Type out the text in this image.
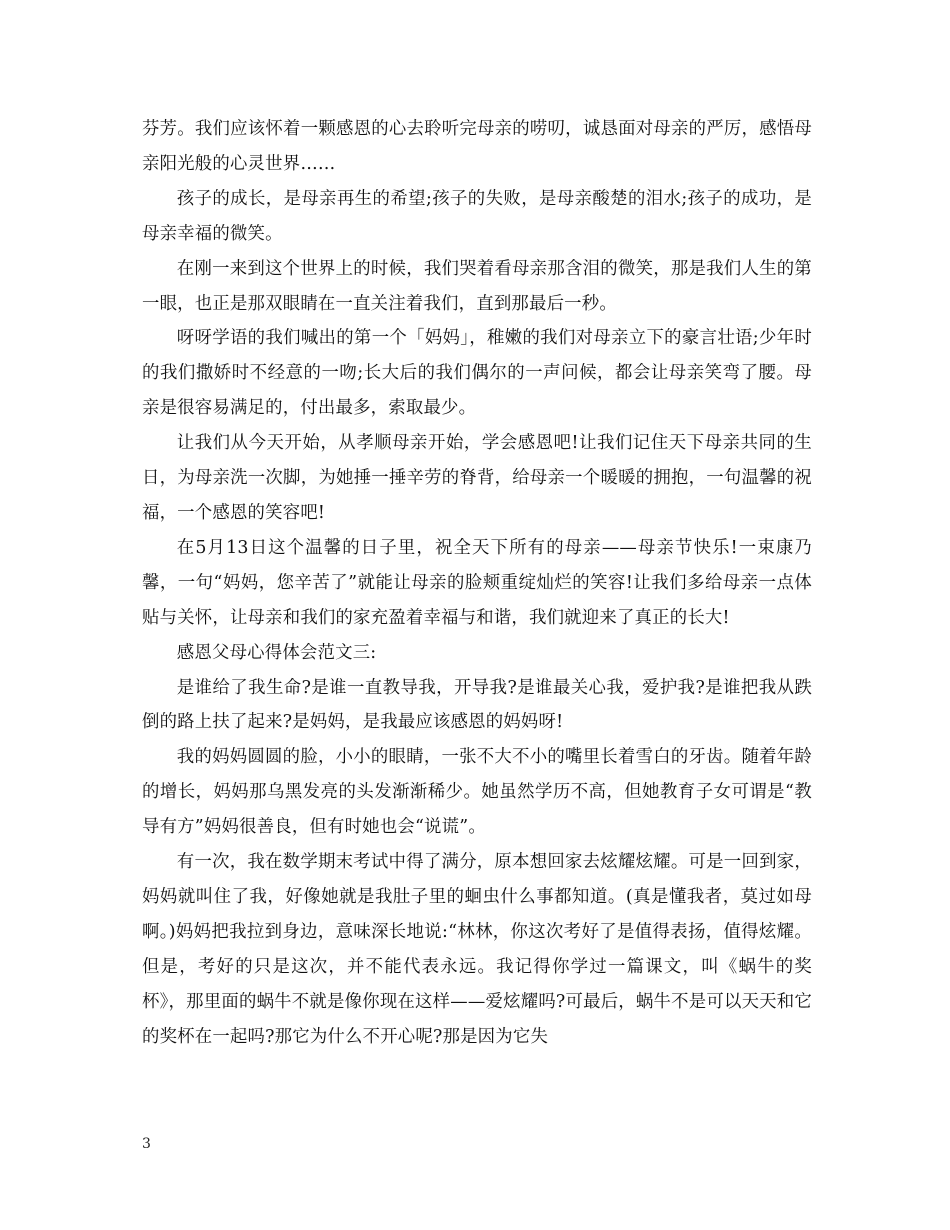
芬芳。我们应该怀着一颗感恩的心去聆听完母亲的唠叨，诚恳面对母亲的严厉，感悟母亲阳光般的心灵世界……

孩子的成长，是母亲再生的希望;孩子的失败，是母亲酸楚的泪水;孩子的成功，是母亲幸福的微笑。

在刚一来到这个世界上的时候，我们哭着看母亲那含泪的微笑，那是我们人生的第一眼，也正是那双眼睛在一直关注着我们，直到那最后一秒。

呀呀学语的我们喊出的第一个「妈妈」，稚嫩的我们对母亲立下的豪言壮语;少年时的我们撒娇时不经意的一吻;长大后的我们偶尔的一声问候，都会让母亲笑弯了腰。母亲是很容易满足的，付出最多，索取最少。

让我们从今天开始，从孝顺母亲开始，学会感恩吧!让我们记住天下母亲共同的生日，为母亲洗一次脚，为她捶一捶辛劳的脊背，给母亲一个暖暖的拥抱，一句温馨的祝福，一个感恩的笑容吧!

在5月13日这个温馨的日子里，祝全天下所有的母亲——母亲节快乐!一束康乃馨，一句“妈妈，您辛苦了”就能让母亲的脸颊重绽灿烂的笑容!让我们多给母亲一点体贴与关怀，让母亲和我们的家充盈着幸福与和谐，我们就迎来了真正的长大!

感恩父母心得体会范文三:

是谁给了我生命?是谁一直教导我，开导我?是谁最关心我，爱护我?是谁把我从跌倒的路上扶了起来?是妈妈，是我最应该感恩的妈妈呀!

我的妈妈圆圆的脸，小小的眼睛，一张不大不小的嘴里长着雪白的牙齿。随着年龄的增长，妈妈那乌黑发亮的头发渐渐稀少。她虽然学历不高，但她教育子女可谓是“教导有方”妈妈很善良，但有时她也会“说谎”。

有一次，我在数学期末考试中得了满分，原本想回家去炫耀炫耀。可是一回到家，妈妈就叫住了我，好像她就是我肚子里的蛔虫什么事都知道。(真是懂我者，莫过如母啊。)妈妈把我拉到身边，意味深长地说:“林林，你这次考好了是值得表扬，值得炫耀。但是，考好的只是这次，并不能代表永远。我记得你学过一篇课文，叫《蜗牛的奖杯》，那里面的蜗牛不就是像你现在这样——爱炫耀吗?可最后，蜗牛不是可以天天和它的奖杯在一起吗?那它为什么不开心呢?那是因为它失

3
